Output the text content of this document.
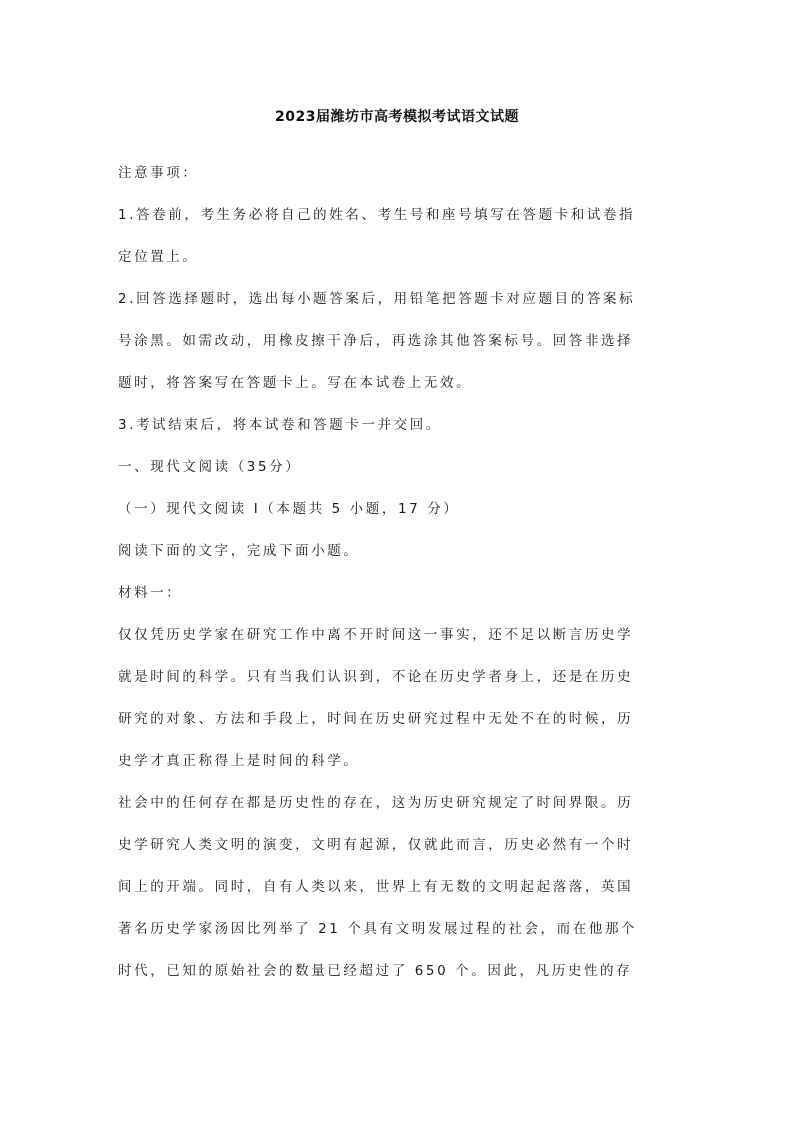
2023届潍坊市高考模拟考试语文试题
注意事项：
1.答卷前，考生务必将自己的姓名、考生号和座号填写在答题卡和试卷指
定位置上。
2.回答选择题时，选出每小题答案后，用铅笔把答题卡对应题目的答案标
号涂黑。如需改动，用橡皮擦干净后，再选涂其他答案标号。回答非选择
题时，将答案写在答题卡上。写在本试卷上无效。
3.考试结束后，将本试卷和答题卡一并交回。
一、现代文阅读（35分）
（一）现代文阅读 I（本题共 5 小题，17 分）
阅读下面的文字，完成下面小题。
材料一：
仅仅凭历史学家在研究工作中离不开时间这一事实，还不足以断言历史学
就是时间的科学。只有当我们认识到，不论在历史学者身上，还是在历史
研究的对象、方法和手段上，时间在历史研究过程中无处不在的时候，历
史学才真正称得上是时间的科学。
社会中的任何存在都是历史性的存在，这为历史研究规定了时间界限。历
史学研究人类文明的演变，文明有起源，仅就此而言，历史必然有一个时
间上的开端。同时，自有人类以来，世界上有无数的文明起起落落，英国
著名历史学家汤因比列举了 21 个具有文明发展过程的社会，而在他那个
时代，已知的原始社会的数量已经超过了 650 个。因此，凡历史性的存
